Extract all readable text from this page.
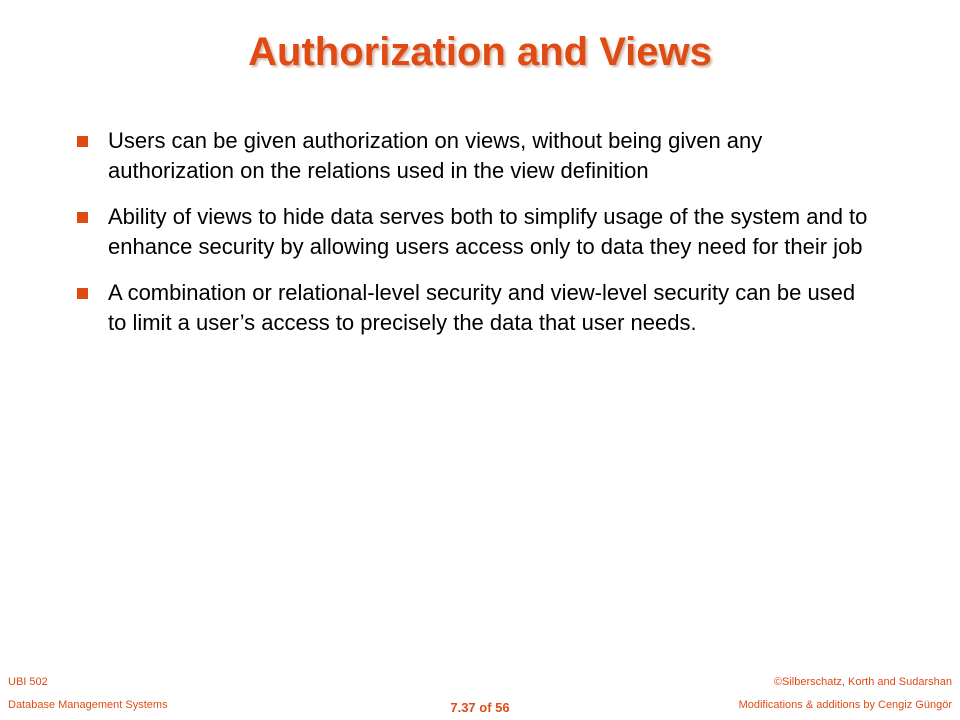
Authorization and Views
Users can be given authorization on views, without being given any authorization on the relations used in the view definition
Ability of views to hide data serves both to simplify usage of the system and to enhance security by allowing users access only to data they need for their job
A combination or relational-level security and view-level security can be used to limit a user’s access to precisely the data that user needs.
UBI 502
Database Management Systems	7.37 of 56
©Silberschatz, Korth and Sudarshan
Modifications & additions by Cengiz Güngör
